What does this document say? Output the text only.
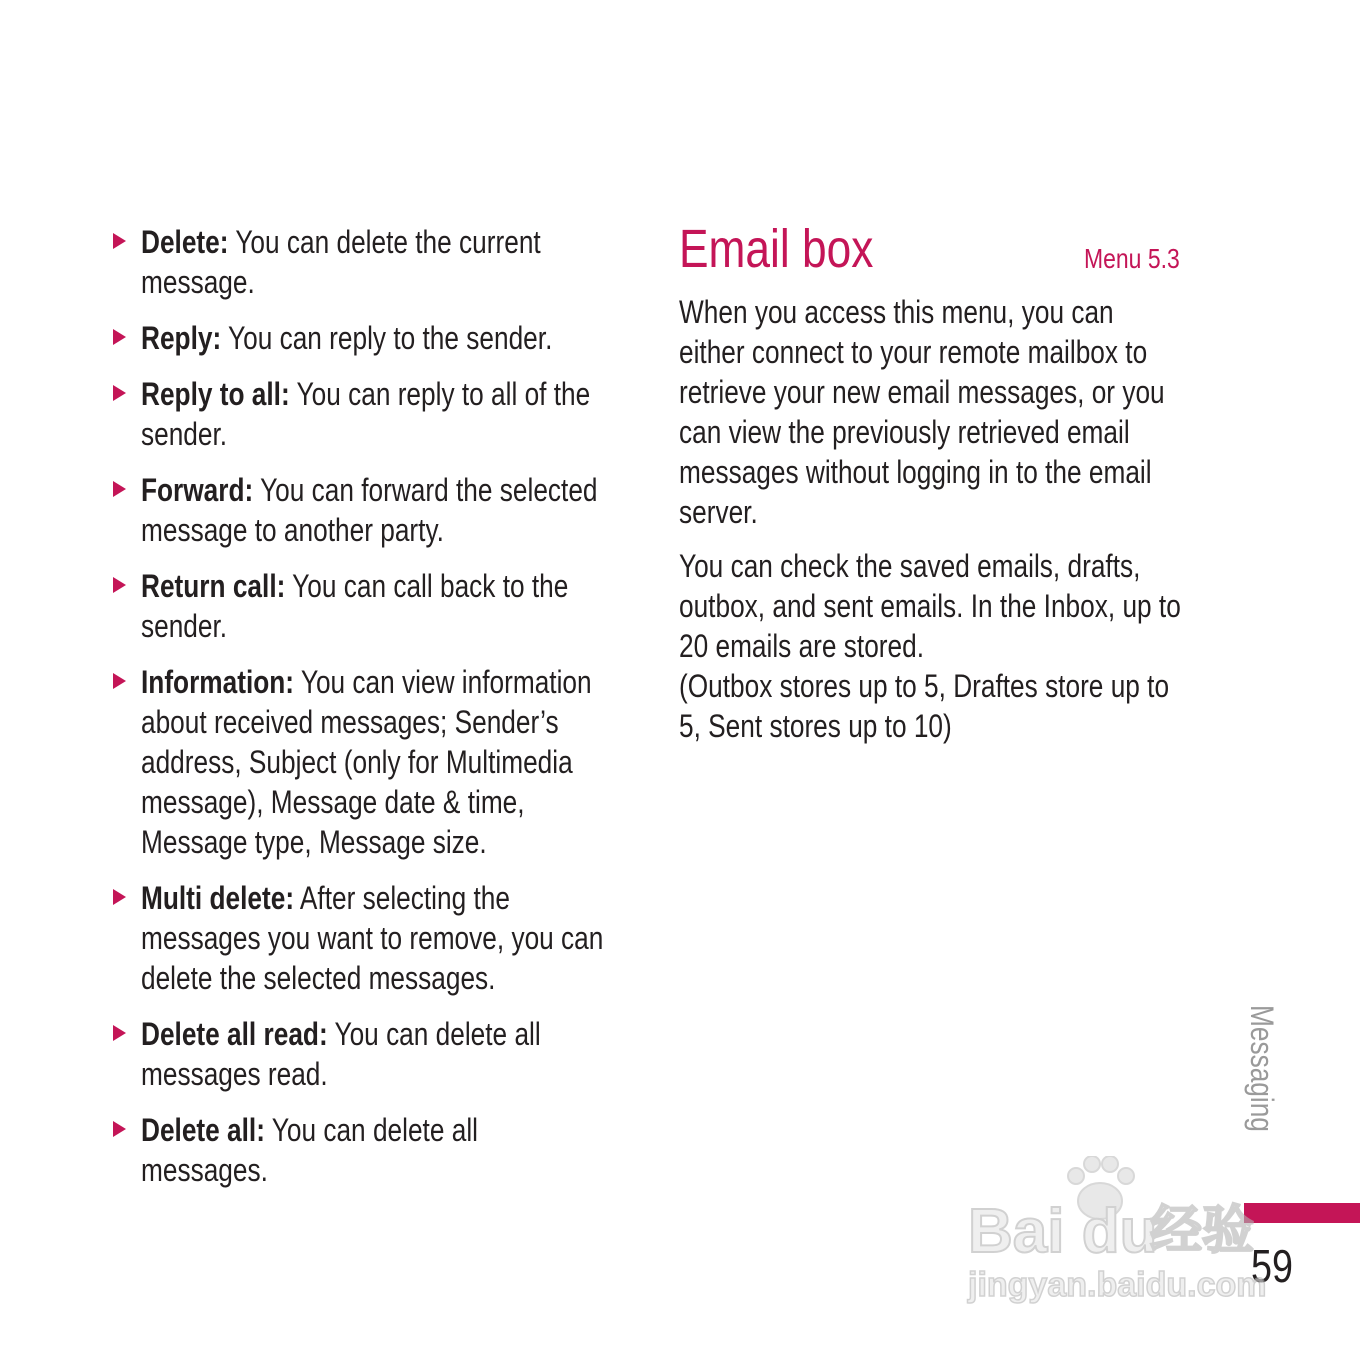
Delete: You can delete the current
message.
Reply: You can reply to the sender.
Reply to all: You can reply to all of the
sender.
Forward: You can forward the selected
message to another party.
Return call: You can call back to the
sender.
Information: You can view information
about received messages; Sender’s
address, Subject (only for Multimedia
message), Message date & time,
Message type, Message size.
Multi delete: After selecting the
messages you want to remove, you can
delete the selected messages.
Delete all read: You can delete all
messages read.
Delete all: You can delete all
messages.
Email box	Menu 5.3
When you access this menu, you can
either connect to your remote mailbox to
retrieve your new email messages, or you
can view the previously retrieved email
messages without logging in to the email
server.
You can check the saved emails, drafts,
outbox, and sent emails. In the Inbox, up to
20 emails are stored.
(Outbox stores up to 5, Draftes store up to
5, Sent stores up to 10)
Messaging
59
Bai du
经验
jingyan.baidu.com
